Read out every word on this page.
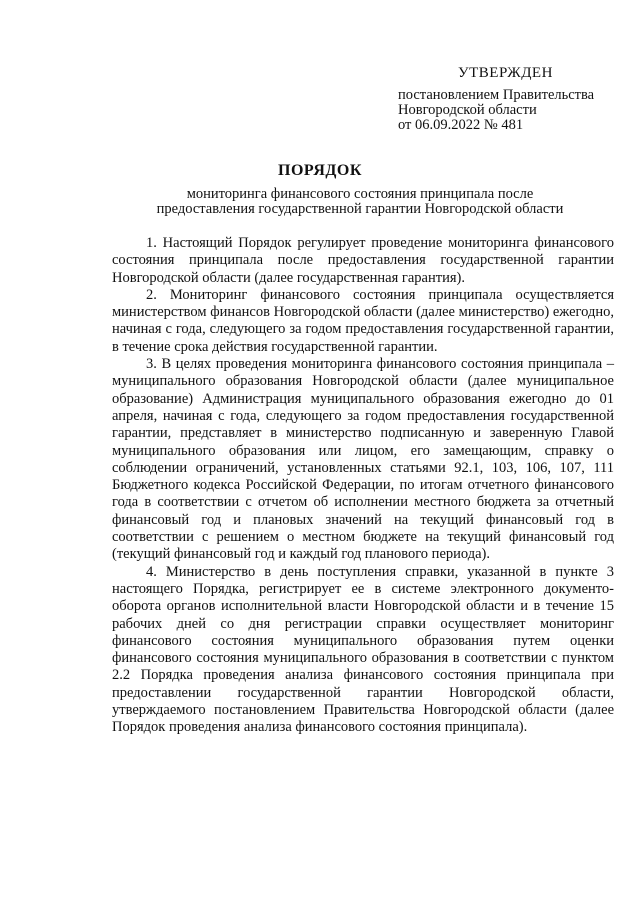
УТВЕРЖДЕН
постановлением Правительства
Новгородской области
от 06.09.2022 № 481
ПОРЯДОК
мониторинга финансового состояния принципала после
предоставления государственной гарантии Новгородской области

1. Настоящий Порядок регулирует проведение мониторинга финансового состояния принципала после предоставления государственной гарантии Новгородской области (далее государственная гарантия).

2. Мониторинг финансового состояния принципала осуществляется министерством финансов Новгородской области (далее министерство) ежегодно, начиная с года, следующего за годом предоставления государственной гарантии, в течение срока действия государственной гарантии.

3. В целях проведения мониторинга финансового состояния принципала – муниципального образования Новгородской области (далее муниципальное образование) Администрация муниципального образования ежегодно до 01 апреля, начиная с года, следующего за годом предоставления государственной гарантии, представляет в министерство подписанную и заверенную Главой муниципального образования или лицом, его замещающим, справку о соблюдении ограничений, установленных статьями 92.1, 103, 106, 107, 111 Бюджетного кодекса Российской Федерации, по итогам отчетного финансового года в соответствии с отчетом об исполнении местного бюджета за отчетный финансовый год и плановых значений на текущий финансовый год в соответствии с решением о местном бюджете на текущий финансовый год (текущий финансовый год и каждый год планового периода).

4. Министерство в день поступления справки, указанной в пункте 3 настоящего Порядка, регистрирует ее в системе электронного документо-оборота органов исполнительной власти Новгородской области и в течение 15 рабочих дней со дня регистрации справки осуществляет мониторинг финансового состояния муниципального образования путем оценки финансового состояния муниципального образования в соответствии с пунктом 2.2 Порядка проведения анализа финансового состояния принципала при предоставлении государственной гарантии Новгородской области, утверждаемого постановлением Правительства Новгородской области (далее Порядок проведения анализа финансового состояния принципала).
